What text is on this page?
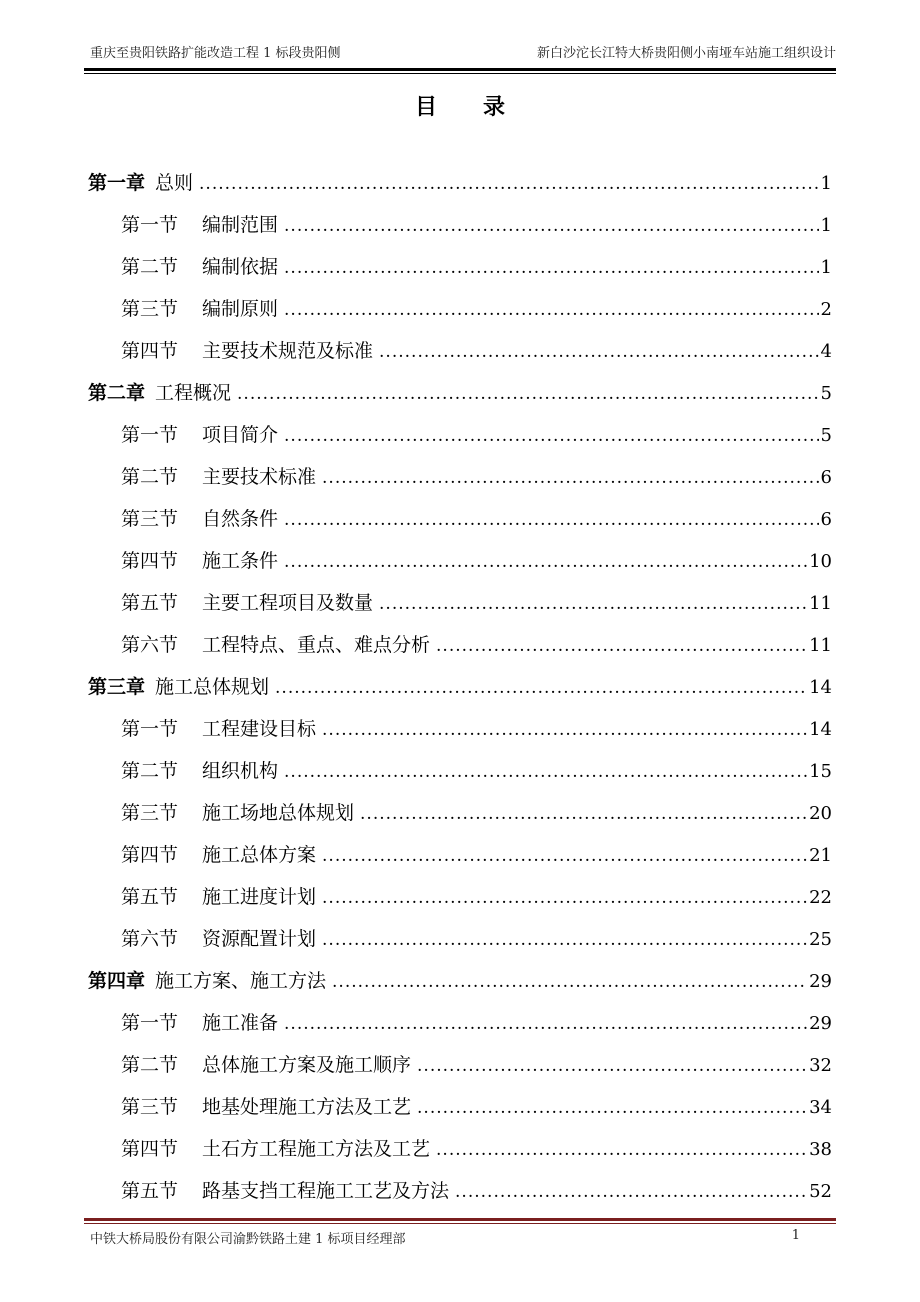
重庆至贵阳铁路扩能改造工程 1 标段贵阳侧	新白沙沱长江特大桥贵阳侧小南垭车站施工组织设计
目录
第一章 总则 .....	1
第一节 编制范围 .....	1
第二节 编制依据 .....	1
第三节 编制原则 .....	2
第四节 主要技术规范及标准 .....	4
第二章 工程概况 .....	5
第一节 项目简介 .....	5
第二节 主要技术标准 .....	6
第三节 自然条件 .....	6
第四节 施工条件 .....	10
第五节 主要工程项目及数量 .....	11
第六节 工程特点、重点、难点分析 .....	11
第三章 施工总体规划 .....	14
第一节 工程建设目标 .....	14
第二节 组织机构 .....	15
第三节 施工场地总体规划 .....	20
第四节 施工总体方案 .....	21
第五节 施工进度计划 .....	22
第六节 资源配置计划 .....	25
第四章 施工方案、施工方法 .....	29
第一节 施工准备 .....	29
第二节 总体施工方案及施工顺序 .....	32
第三节 地基处理施工方法及工艺 .....	34
第四节 土石方工程施工方法及工艺 .....	38
第五节 路基支挡工程施工工艺及方法 .....	52
中铁大桥局股份有限公司渝黔铁路土建 1 标项目经理部	1
